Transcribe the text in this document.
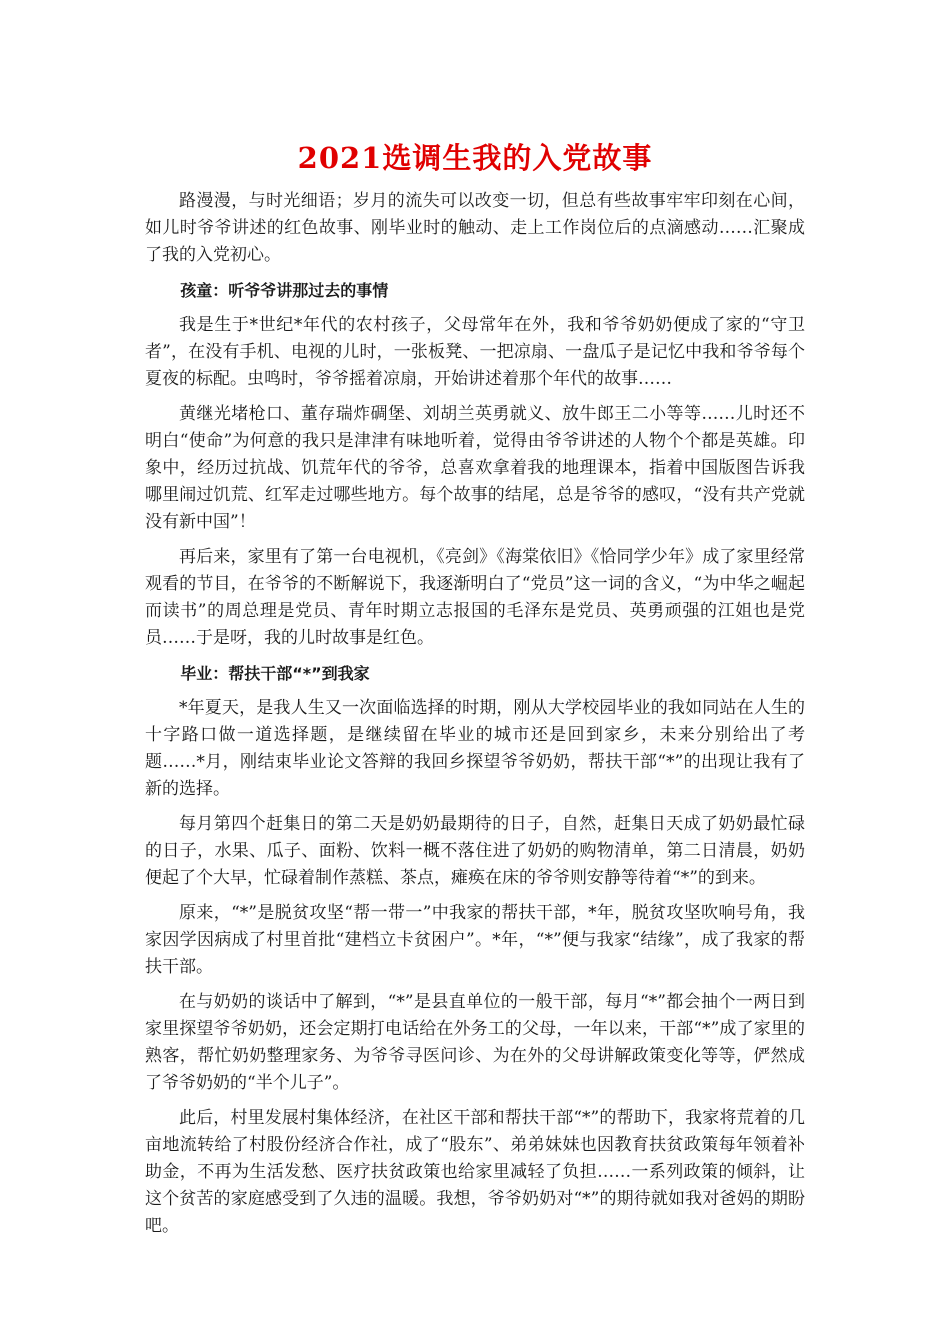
2021选调生我的入党故事

路漫漫，与时光细语；岁月的流失可以改变一切，但总有些故事牢牢印刻在心间，如儿时爷爷讲述的红色故事、刚毕业时的触动、走上工作岗位后的点滴感动……汇聚成了我的入党初心。

孩童：听爷爷讲那过去的事情

我是生于*世纪*年代的农村孩子，父母常年在外，我和爷爷奶奶便成了家的“守卫者”，在没有手机、电视的儿时，一张板凳、一把凉扇、一盘瓜子是记忆中我和爷爷每个夏夜的标配。虫鸣时，爷爷摇着凉扇，开始讲述着那个年代的故事……

黄继光堵枪口、董存瑞炸碉堡、刘胡兰英勇就义、放牛郎王二小等等……儿时还不明白“使命”为何意的我只是津津有味地听着，觉得由爷爷讲述的人物个个都是英雄。印象中，经历过抗战、饥荒年代的爷爷，总喜欢拿着我的地理课本，指着中国版图告诉我哪里闹过饥荒、红军走过哪些地方。每个故事的结尾，总是爷爷的感叹，“没有共产党就没有新中国”！

再后来，家里有了第一台电视机，《亮剑》《海棠依旧》《恰同学少年》成了家里经常观看的节目，在爷爷的不断解说下，我逐渐明白了“党员”这一词的含义，“为中华之崛起而读书”的周总理是党员、青年时期立志报国的毛泽东是党员、英勇顽强的江姐也是党员……于是呀，我的儿时故事是红色。

毕业：帮扶干部“*”到我家

*年夏天，是我人生又一次面临选择的时期，刚从大学校园毕业的我如同站在人生的十字路口做一道选择题，是继续留在毕业的城市还是回到家乡，未来分别给出了考题……*月，刚结束毕业论文答辩的我回乡探望爷爷奶奶，帮扶干部“*”的出现让我有了新的选择。

每月第四个赶集日的第二天是奶奶最期待的日子，自然，赶集日天成了奶奶最忙碌的日子，水果、瓜子、面粉、饮料一概不落住进了奶奶的购物清单，第二日清晨，奶奶便起了个大早，忙碌着制作蒸糕、茶点，瘫痪在床的爷爷则安静等待着“*”的到来。

原来，“*”是脱贫攻坚“帮一带一”中我家的帮扶干部，*年，脱贫攻坚吹响号角，我家因学因病成了村里首批“建档立卡贫困户”。*年，“*”便与我家“结缘”，成了我家的帮扶干部。

在与奶奶的谈话中了解到，“*”是县直单位的一般干部，每月“*”都会抽个一两日到家里探望爷爷奶奶，还会定期打电话给在外务工的父母，一年以来，干部“*”成了家里的熟客，帮忙奶奶整理家务、为爷爷寻医问诊、为在外的父母讲解政策变化等等，俨然成了爷爷奶奶的“半个儿子”。

此后，村里发展村集体经济，在社区干部和帮扶干部“*”的帮助下，我家将荒着的几亩地流转给了村股份经济合作社，成了“股东”、弟弟妹妹也因教育扶贫政策每年领着补助金，不再为生活发愁、医疗扶贫政策也给家里减轻了负担……一系列政策的倾斜，让这个贫苦的家庭感受到了久违的温暖。我想，爷爷奶奶对“*”的期待就如我对爸妈的期盼吧。
